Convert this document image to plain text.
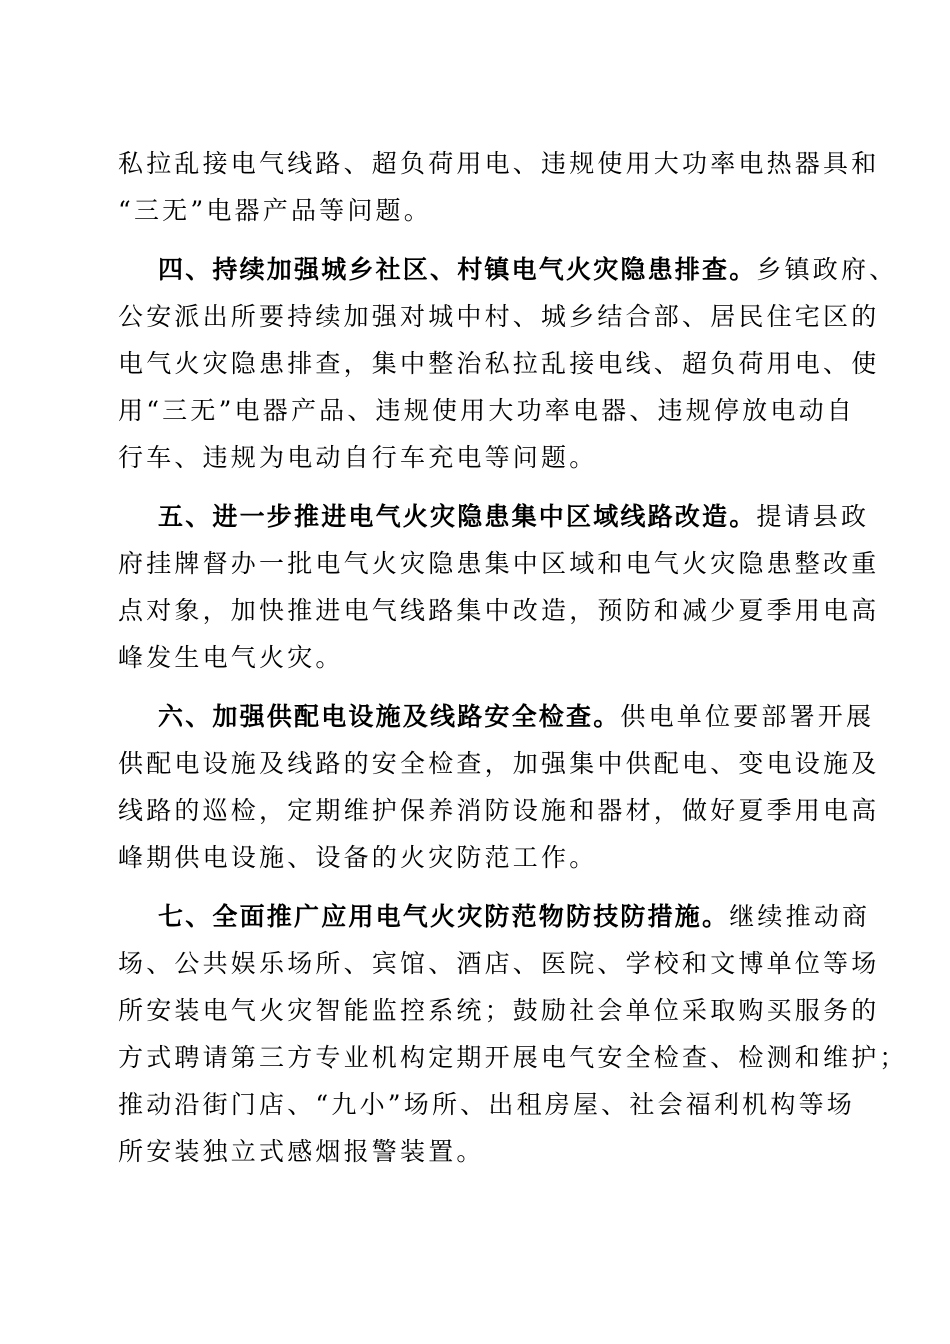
私拉乱接电气线路、超负荷用电、违规使用大功率电热器具和
“三无”电器产品等问题。
四、持续加强城乡社区、村镇电气火灾隐患排查。乡镇政府、
公安派出所要持续加强对城中村、城乡结合部、居民住宅区的
电气火灾隐患排查，集中整治私拉乱接电线、超负荷用电、使
用“三无”电器产品、违规使用大功率电器、违规停放电动自
行车、违规为电动自行车充电等问题。
五、进一步推进电气火灾隐患集中区域线路改造。提请县政
府挂牌督办一批电气火灾隐患集中区域和电气火灾隐患整改重
点对象，加快推进电气线路集中改造，预防和减少夏季用电高
峰发生电气火灾。
六、加强供配电设施及线路安全检查。供电单位要部署开展
供配电设施及线路的安全检查，加强集中供配电、变电设施及
线路的巡检，定期维护保养消防设施和器材，做好夏季用电高
峰期供电设施、设备的火灾防范工作。
七、全面推广应用电气火灾防范物防技防措施。继续推动商
场、公共娱乐场所、宾馆、酒店、医院、学校和文博单位等场
所安装电气火灾智能监控系统；鼓励社会单位采取购买服务的
方式聘请第三方专业机构定期开展电气安全检查、检测和维护；
推动沿街门店、“九小”场所、出租房屋、社会福利机构等场
所安装独立式感烟报警装置。
